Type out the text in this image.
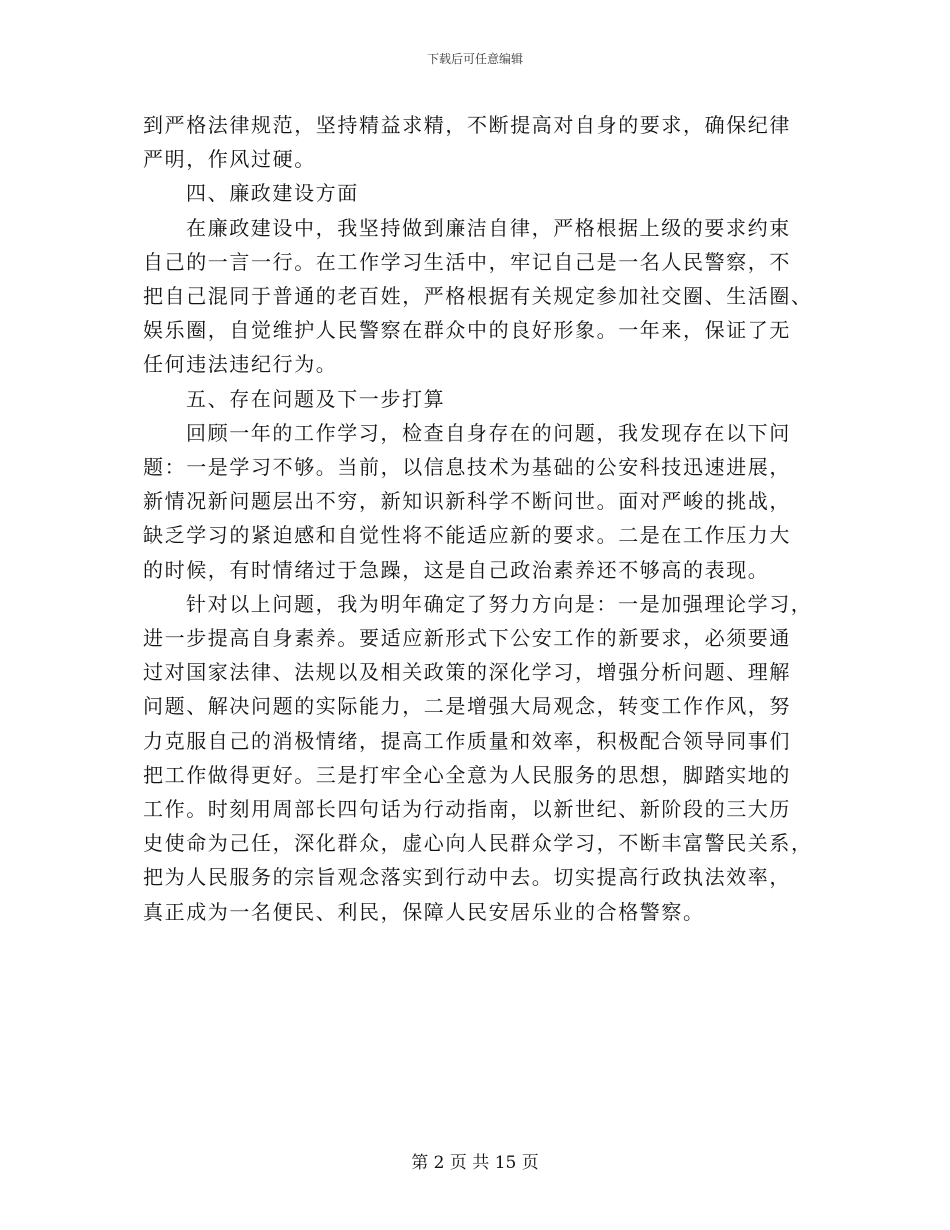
下载后可任意编辑

到严格法律规范，坚持精益求精，不断提高对自身的要求，确保纪律

严明，作风过硬。

四、廉政建设方面

在廉政建设中，我坚持做到廉洁自律，严格根据上级的要求约束

自己的一言一行。在工作学习生活中，牢记自己是一名人民警察，不

把自己混同于普通的老百姓，严格根据有关规定参加社交圈、生活圈、

娱乐圈，自觉维护人民警察在群众中的良好形象。一年来，保证了无

任何违法违纪行为。

五、存在问题及下一步打算

回顾一年的工作学习，检查自身存在的问题，我发现存在以下问

题：一是学习不够。当前，以信息技术为基础的公安科技迅速进展，

新情况新问题层出不穷，新知识新科学不断问世。面对严峻的挑战，

缺乏学习的紧迫感和自觉性将不能适应新的要求。二是在工作压力大

的时候，有时情绪过于急躁，这是自己政治素养还不够高的表现。

针对以上问题，我为明年确定了努力方向是：一是加强理论学习，

进一步提高自身素养。要适应新形式下公安工作的新要求，必须要通

过对国家法律、法规以及相关政策的深化学习，增强分析问题、理解

问题、解决问题的实际能力，二是增强大局观念，转变工作作风，努

力克服自己的消极情绪，提高工作质量和效率，积极配合领导同事们

把工作做得更好。三是打牢全心全意为人民服务的思想，脚踏实地的

工作。时刻用周部长四句话为行动指南，以新世纪、新阶段的三大历

史使命为己任，深化群众，虚心向人民群众学习，不断丰富警民关系，

把为人民服务的宗旨观念落实到行动中去。切实提高行政执法效率，

真正成为一名便民、利民，保障人民安居乐业的合格警察。

第 2 页 共 15 页
